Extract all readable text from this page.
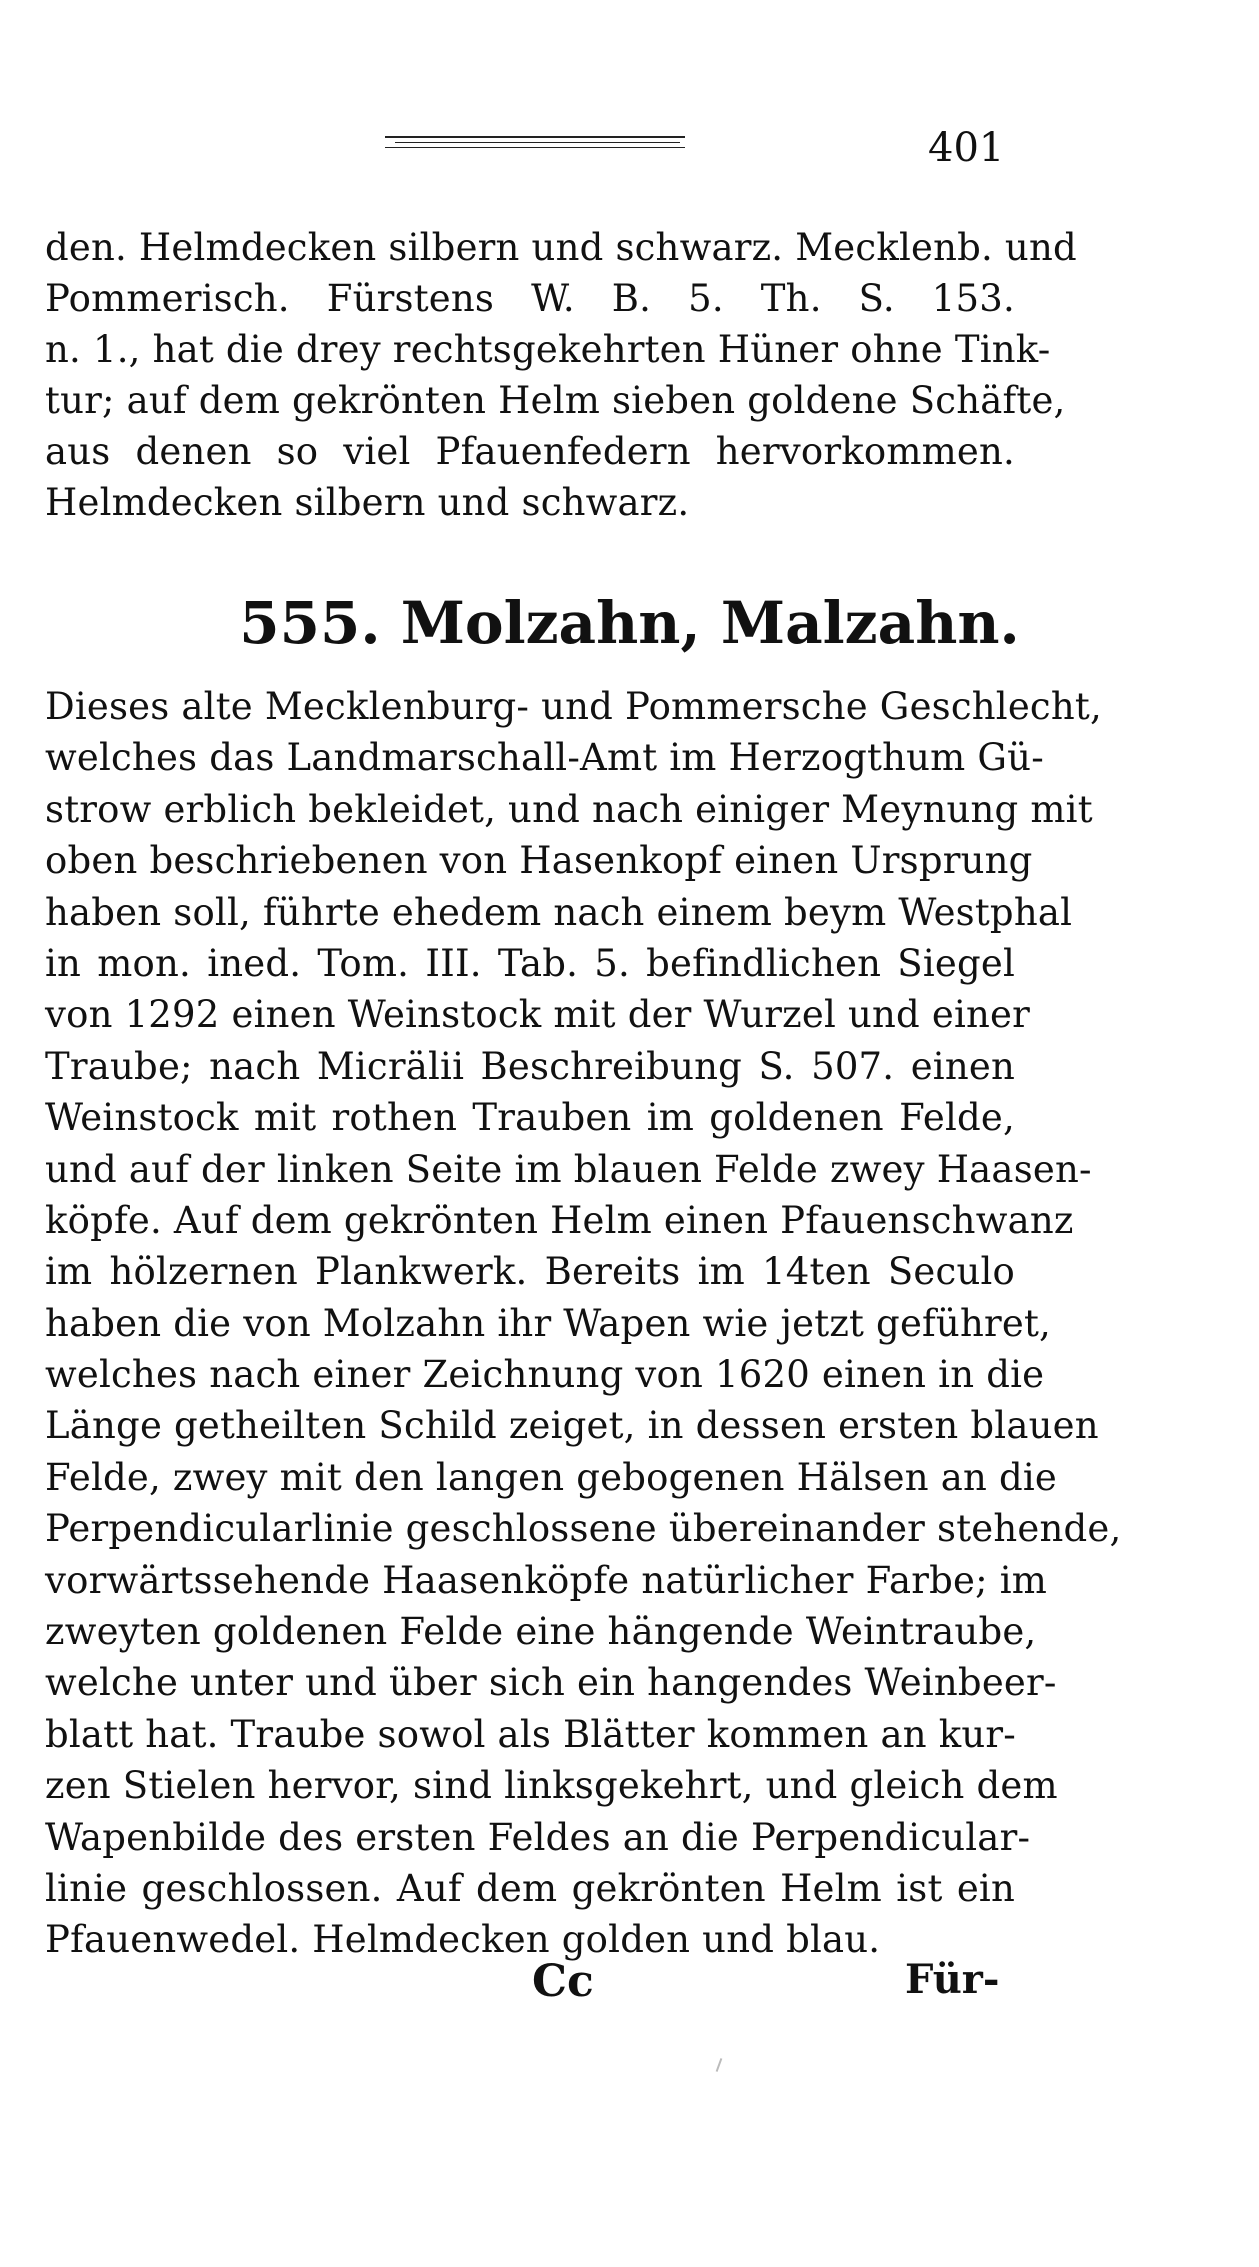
401
den. Helmdecken silbern und schwarz. Mecklenb. und
Pommerisch. Fürstens W. B. 5. Th. S. 153.
n. 1., hat die drey rechtsgekehrten Hüner ohne Tink-
tur; auf dem gekrönten Helm sieben goldene Schäfte,
aus denen so viel Pfauenfedern hervorkommen.
Helmdecken silbern und schwarz.
555. Molzahn, Malzahn.
Dieses alte Mecklenburg- und Pommersche Geschlecht,
welches das Landmarschall-Amt im Herzogthum Gü-
strow erblich bekleidet, und nach einiger Meynung mit
oben beschriebenen von Hasenkopf einen Ursprung
haben soll, führte ehedem nach einem beym Westphal
in mon. ined. Tom. III. Tab. 5. befindlichen Siegel
von 1292 einen Weinstock mit der Wurzel und einer
Traube; nach Micrälii Beschreibung S. 507. einen
Weinstock mit rothen Trauben im goldenen Felde,
und auf der linken Seite im blauen Felde zwey Haasen-
köpfe. Auf dem gekrönten Helm einen Pfauenschwanz
im hölzernen Plankwerk. Bereits im 14ten Seculo
haben die von Molzahn ihr Wapen wie jetzt geführet,
welches nach einer Zeichnung von 1620 einen in die
Länge getheilten Schild zeiget, in dessen ersten blauen
Felde, zwey mit den langen gebogenen Hälsen an die
Perpendicularlinie geschlossene übereinander stehende,
vorwärtssehende Haasenköpfe natürlicher Farbe; im
zweyten goldenen Felde eine hängende Weintraube,
welche unter und über sich ein hangendes Weinbeer-
blatt hat. Traube sowol als Blätter kommen an kur-
zen Stielen hervor, sind linksgekehrt, und gleich dem
Wapenbilde des ersten Feldes an die Perpendicular-
linie geschlossen. Auf dem gekrönten Helm ist ein
Pfauenwedel. Helmdecken golden und blau.
Cc	Für-
